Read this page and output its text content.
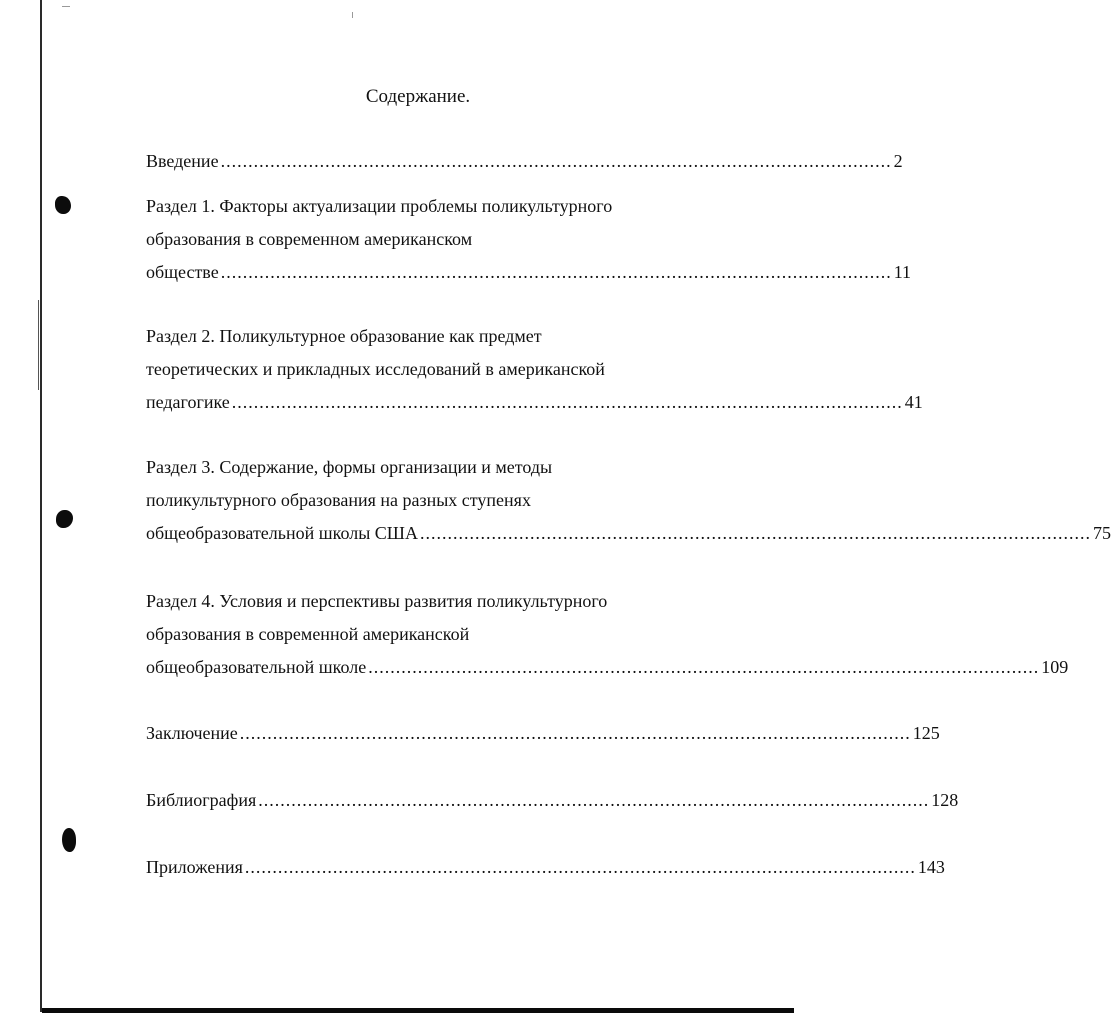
Содержание.
Введение .......................................................................................................................... 2
Раздел 1. Факторы актуализации проблемы поликультурного
образования в современном американском
обществе .......................................................................................................................... 11
Раздел 2. Поликультурное образование как предмет
теоретических и прикладных исследований в американской
педагогике .......................................................................................................................... 41
Раздел 3. Содержание, формы организации и методы
поликультурного образования на разных ступенях
общеобразовательной школы США .......................................................................................................................... 75
Раздел 4. Условия и перспективы развития поликультурного
образования в современной американской
общеобразовательной школе .......................................................................................................................... 109
Заключение .......................................................................................................................... 125
Библиография .......................................................................................................................... 128
Приложения .......................................................................................................................... 143
